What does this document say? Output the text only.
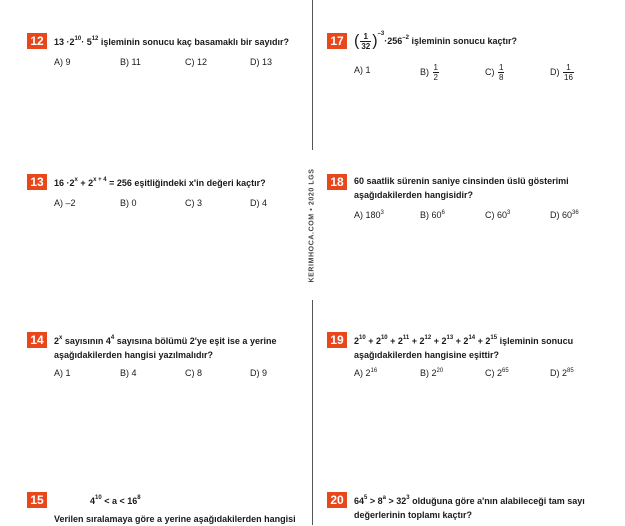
KERIMHOCA.COM • 2020 LGS
12	$13 \cdot 2^{10}\cdot 5^{12}$ işleminin sonucu kaç basamaklı bir sayıdır?
A) 9	B) 11	C) 12	D) 13
13	$16 \cdot 2^x + 2^{x + 4} = 256$ eşitliğindeki x'in değeri kaçtır?
A) –2	B) 0	C) 3	D) 4
14	2$^x$ sayısının $4^4$ sayısına bölümü 2'ye eşit ise a yerine
aşağıdakilerden hangisi yazılmalıdır?
A) 1	B) 4	C) 8	D) 9
15	$4^{10} < a < 16^8$
Verilen sıralamaya göre a yerine aşağıdakilerden hangisi
17 ( $\frac{1}{32} )^{-3}\cdot 256^{-2}$ işleminin sonucu kaçtır?
A) 1	$B) \frac{1}{2}$	$C) \frac{1}{8}$	$D) \frac{1}{16}$
18	60 saatlik sürenin saniye cinsinden üslü gösterimi
aşağıdakilerden hangisidir?
A) $180^3$	B) $60^6$	C) $60^3$	D) $60^{36}$
19	$2^{10} + 2^{10} + 2^{11} + 2^{12} + 2^{13} + 2^{14} + 2^{15}$ işleminin sonucu
aşağıdakilerden hangisine eşittir?
A) $2^{16}$	B) $2^{20}$	C) $2^{65}$	D) $2^{85}$
20	$64^5 > 8^a > 32^3$ olduğuna göre a'nın alabileceği tam sayı
değerlerinin toplamı kaçtır?
